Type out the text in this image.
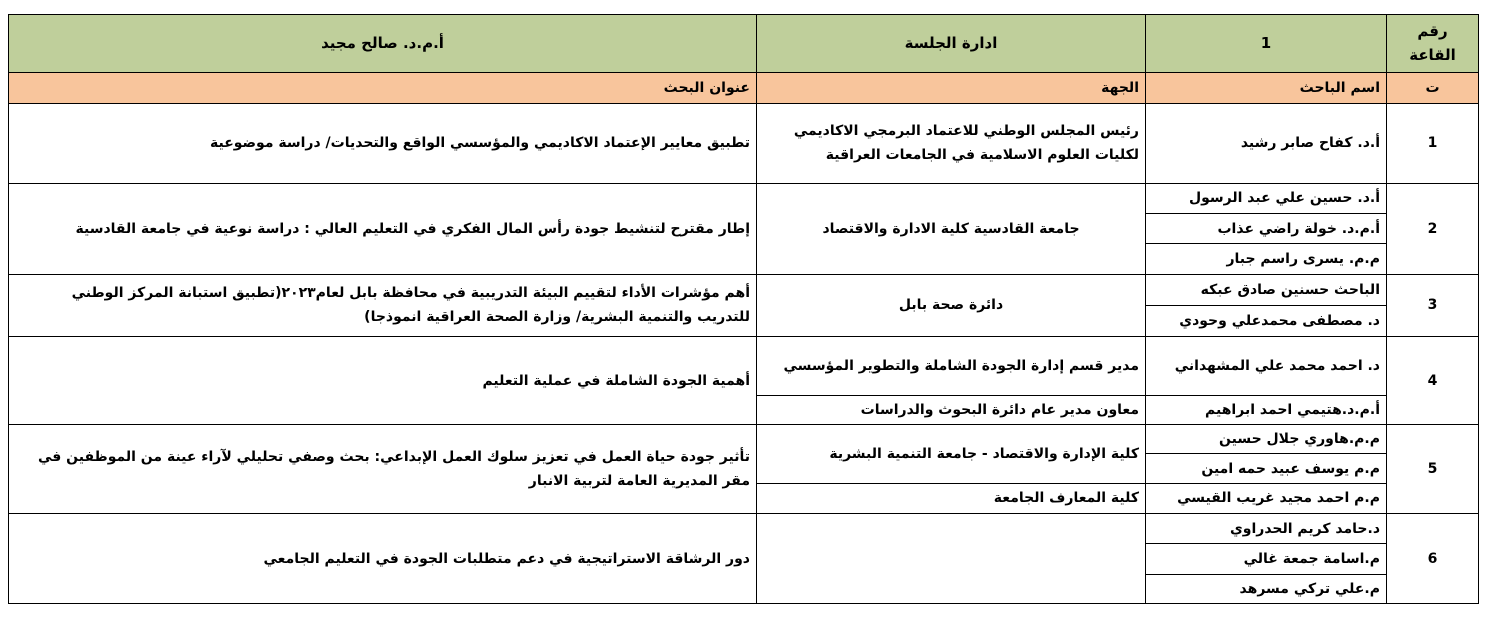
رقم القاعة	1	ادارة الجلسة	أ.م.د. صالح مجيد
ت	اسم الباحث	الجهة	عنوان البحث
1	أ.د. كفاح صابر رشيد	رئيس المجلس الوطني للاعتماد البرمجي الاكاديمي لكليات العلوم الاسلامية في الجامعات العراقية	تطبيق معايير الإعتماد الاكاديمي والمؤسسي الواقع والتحديات/ دراسة موضوعية
2	أ.د. حسين علي عبد الرسول	جامعة القادسية كلية الادارة والاقتصاد	إطار مقترح لتنشيط جودة رأس المال الفكري في التعليم العالي : دراسة نوعية في جامعة القادسية
	أ.م.د. خولة راضي عذاب		
	م.م. يسرى راسم جبار		
3	الباحث حسنين صادق عبكه	دائرة صحة بابل	أهم مؤشرات الأداء لتقييم البيئة التدريبية في محافظة بابل لعام٢٠٢٣(تطبيق استبانة المركز الوطني للتدريب والتنمية البشرية/ وزارة الصحة العراقية انموذجا)
	د. مصطفى محمدعلي وحودي		
4	د. احمد محمد علي المشهداني	مدير قسم إدارة الجودة الشاملة والتطوير المؤسسي	أهمية الجودة الشاملة في عملية التعليم
	أ.م.د.هتيمي احمد ابراهيم	معاون مدير عام دائرة البحوث والدراسات	
5	م.م.هاوري جلال حسين	كلية الإدارة والاقتصاد - جامعة التنمية البشرية	تأثير جودة حياة العمل في تعزيز سلوك العمل الإبداعي: بحث وصفي تحليلي لآراء عينة من الموظفين في مقر المديرية العامة لتربية الانبار
	م.م يوسف عبيد حمه امين		
	م.م احمد مجيد غريب القيسي	كلية المعارف الجامعة	
6	د.حامد كريم الحدراوي		دور الرشاقة الاستراتيجية في دعم متطلبات الجودة في التعليم الجامعي
	م.اسامة جمعة غالي		
	م.علي تركي مسرهد		
